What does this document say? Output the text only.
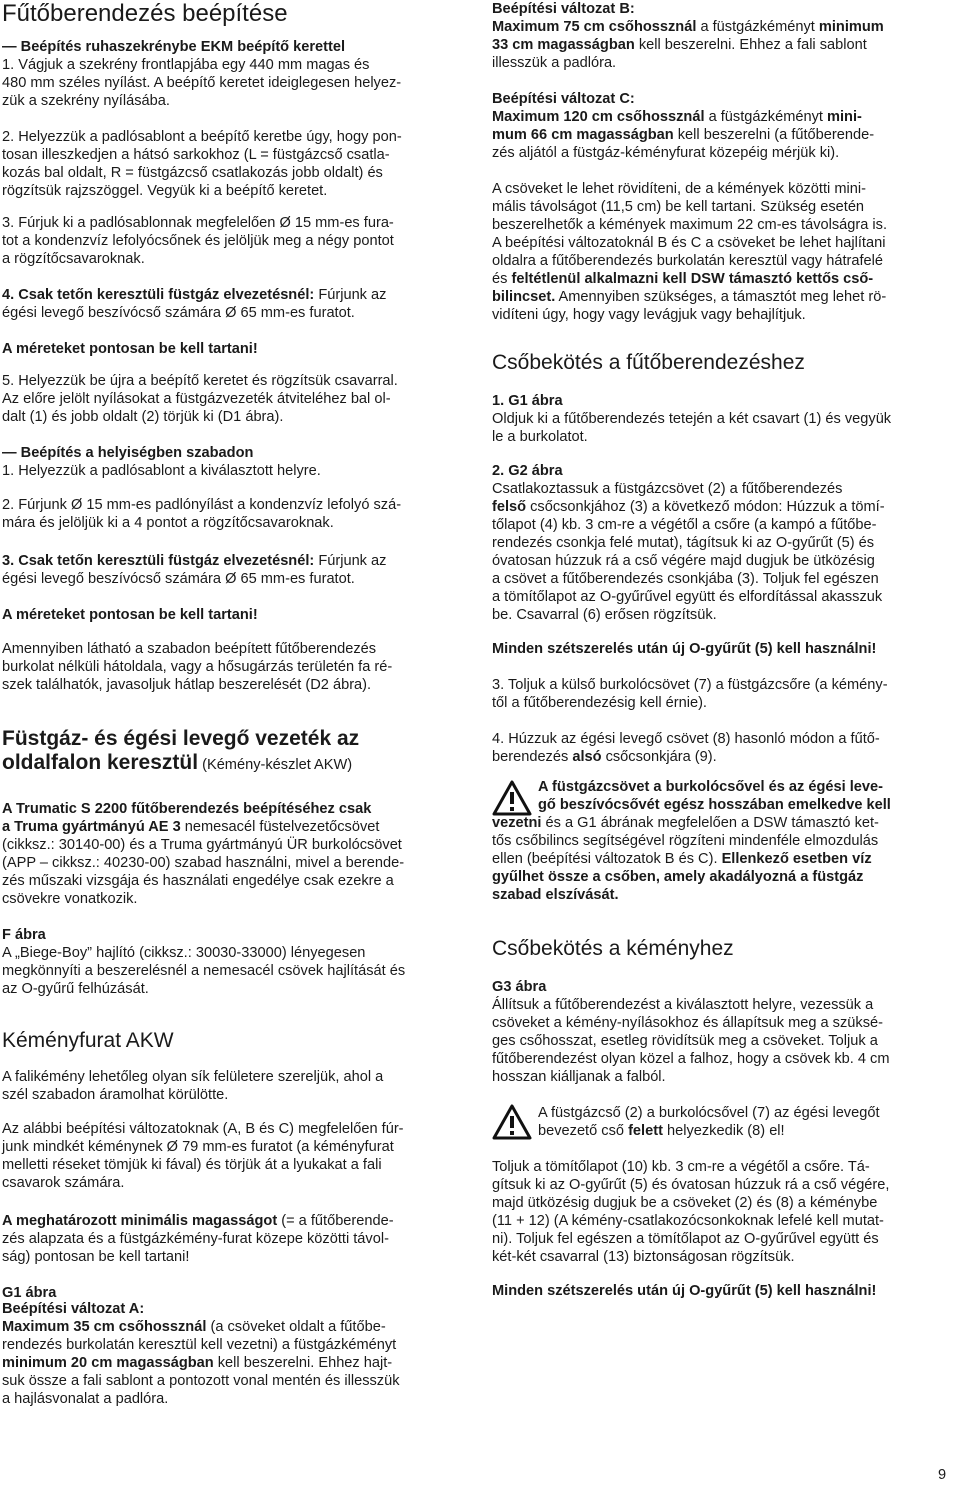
Fűtőberendezés beépítése
— Beépítés ruhaszekrénybe EKM beépítő kerettel
1. Vágjuk a szekrény frontlapjába egy 440 mm magas és
480 mm széles nyílást. A beépítő keretet ideiglegesen helyez-
zük a szekrény nyílásába.
2. Helyezzük a padlósablont a beépítő keretbe úgy, hogy pon-
tosan illeszkedjen a hátsó sarkokhoz (L = füstgázcső csatla-
kozás bal oldalt, R = füstgázcső csatlakozás jobb oldalt) és
rögzítsük rajzszöggel. Vegyük ki a beépítő keretet.
3. Fúrjuk ki a padlósablonnak megfelelően Ø 15 mm-es fura-
tot a kondenzvíz lefolyócsőnek és jelöljük meg a négy pontot
a rögzítőcsavaroknak.
4. Csak tetőn keresztüli füstgáz elvezetésnél: Fúrjunk az
égési levegő beszívócső számára Ø 65 mm-es furatot.
A méreteket pontosan be kell tartani!
5. Helyezzük be újra a beépítő keretet és rögzítsük csavarral.
Az előre jelölt nyílásokat a füstgázvezeték átviteléhez bal ol-
dalt (1) és jobb oldalt (2) törjük ki (D1 ábra).
— Beépítés a helyiségben szabadon
1. Helyezzük a padlósablont a kiválasztott helyre.
2. Fúrjunk Ø 15 mm-es padlónyílást a kondenzvíz lefolyó szá-
mára és jelöljük ki a 4 pontot a rögzítőcsavaroknak.
3. Csak tetőn keresztüli füstgáz elvezetésnél: Fúrjunk az
égési levegő beszívócső számára Ø 65 mm-es furatot.
A méreteket pontosan be kell tartani!
Amennyiben látható a szabadon beépített fűtőberendezés
burkolat nélküli hátoldala, vagy a hősugárzás területén fa ré-
szek találhatók, javasoljuk hátlap beszerelését (D2 ábra).
Füstgáz- és égési levegő vezeték az
oldalfalon keresztül (Kémény-készlet AKW)
A Trumatic S 2200 fűtőberendezés beépítéséhez csak
a Truma gyártmányú AE 3 nemesacél füstelvezetőcsövet
(cikksz.: 30140-00) és a Truma gyártmányú ÜR burkolócsövet
(APP – cikksz.: 40230-00) szabad használni, mivel a berende-
zés műszaki vizsgája és használati engedélye csak ezekre a
csövekre vonatkozik.
F ábra
A „Biege-Boy” hajlító (cikksz.: 30030-33000) lényegesen
megkönnyíti a beszerelésnél a nemesacél csövek hajlítását és
az O-gyűrű felhúzását.
Kéményfurat AKW
A falikémény lehetőleg olyan sík felületere szereljük, ahol a
szél szabadon áramolhat körülötte.
Az alábbi beépítési változatoknak (A, B és C) megfelelően fúr-
junk mindkét kéménynek Ø 79 mm-es furatot (a kéményfurat
melletti réseket tömjük ki fával) és törjük át a lyukakat a fali
csavarok számára.
A meghatározott minimális magasságot (= a fűtőberende-
zés alapzata és a füstgázkémény-furat közepe közötti távol-
ság) pontosan be kell tartani!
G1 ábra
Beépítési változat A:
Maximum 35 cm csőhossznál (a csöveket oldalt a fűtőbe-
rendezés burkolatán keresztül kell vezetni) a füstgázkéményt
minimum 20 cm magasságban kell beszerelni. Ehhez hajt-
suk össze a fali sablont a pontozott vonal mentén és illesszük
a hajlásvonalat a padlóra.
Beépítési változat B:
Maximum 75 cm csőhossznál a füstgázkéményt minimum
33 cm magasságban kell beszerelni. Ehhez a fali sablont
illesszük a padlóra.
Beépítési változat C:
Maximum 120 cm csőhossznál a füstgázkéményt mini-
mum 66 cm magasságban kell beszerelni (a fűtőberende-
zés aljától a füstgáz-kéményfurat közepéig mérjük ki).
A csöveket le lehet rövidíteni, de a kémények közötti mini-
mális távolságot (11,5 cm) be kell tartani. Szükség esetén
beszerelhetők a kémények maximum 22 cm-es távolságra is.
A beépítési változatoknál B és C a csöveket be lehet hajlítani
oldalra a fűtőberendezés burkolatán keresztül vagy hátrafelé
és feltétlenül alkalmazni kell DSW támasztó kettős cső-
bilincset. Amennyiben szükséges, a támasztót meg lehet rö-
vidíteni úgy, hogy vagy levágjuk vagy behajlítjuk.
Csőbekötés a fűtőberendezéshez
1. G1 ábra
Oldjuk ki a fűtőberendezés tetején a két csavart (1) és vegyük
le a burkolatot.
2. G2 ábra
Csatlakoztassuk a füstgázcsövet (2) a fűtőberendezés
felső csőcsonkjához (3) a következő módon: Húzzuk a tömí-
tőlapot (4) kb. 3 cm-re a végétől a csőre (a kampó a fűtőbe-
rendezés csonkja felé mutat), tágítsuk ki az O-gyűrűt (5) és
óvatosan húzzuk rá a cső végére majd dugjuk be ütközésig
a csövet a fűtőberendezés csonkjába (3). Toljuk fel egészen
a tömítőlapot az O-gyűrűvel együtt és elfordítással akasszuk
be. Csavarral (6) erősen rögzítsük.
Minden szétszerelés után új O-gyűrűt (5) kell használni!
3. Toljuk a külső burkolócsövet (7) a füstgázcsőre (a kémény-
től a fűtőberendezésig kell érnie).
4. Húzzuk az égési levegő csövet (8) hasonló módon a fűtő-
berendezés alsó csőcsonkjára (9).
A füstgázcsövet a burkolócsővel és az égési leve-
gő beszívócsővét egész hosszában emelkedve kell
vezetni és a G1 ábrának megfelelően a DSW támasztó ket-
tős csőbilincs segítségével rögzíteni mindenféle elmozdulás
ellen (beépítési változatok B és C). Ellenkező esetben víz
gyűlhet össze a csőben, amely akadályozná a füstgáz
szabad elszívását.
Csőbekötés a kéményhez
G3 ábra
Állítsuk a fűtőberendezést a kiválasztott helyre, vezessük a
csöveket a kémény-nyílásokhoz és állapítsuk meg a szüksé-
ges csőhosszat, esetleg rövidítsük meg a csöveket. Toljuk a
fűtőberendezést olyan közel a falhoz, hogy a csövek kb. 4 cm
hosszan kiálljanak a falból.
A füstgázcső (2) a burkolócsővel (7) az égési levegőt
bevezető cső felett helyezkedik (8) el!
Toljuk a tömítőlapot (10) kb. 3 cm-re a végétől a csőre. Tá-
gítsuk ki az O-gyűrűt (5) és óvatosan húzzuk rá a cső végére,
majd ütközésig dugjuk be a csöveket (2) és (8) a kéménybe
(11 + 12) (A kémény-csatlakozócsonkoknak lefelé kell mutat-
ni). Toljuk fel egészen a tömítőlapot az O-gyűrűvel együtt és
két-két csavarral (13) biztonságosan rögzítsük.
Minden szétszerelés után új O-gyűrűt (5) kell használni!
9
